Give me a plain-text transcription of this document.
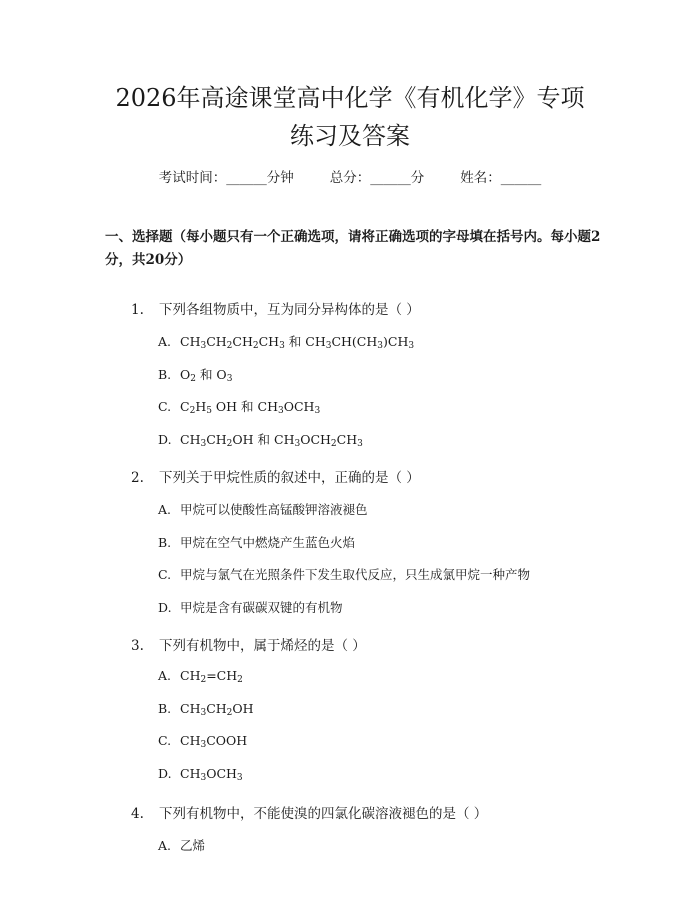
2026年高途课堂高中化学《有机化学》专项
练习及答案
考试时间：______分钟	总分：______分	姓名：______
一、选择题（每小题只有一个正确选项，请将正确选项的字母填在括号内。每小题2分，共20分）
1. 下列各组物质中，互为同分异构体的是（ ）
A. $CH_3CH_2CH_2CH_3$ 和 $CH_3CH(CH_3)CH_3$
B. $O_2$ 和 $O_3$
C. $C_2H_5$ OH 和 $CH_3OCH_3$
D. $CH_3CH_2OH$ 和 $CH_3OCH_2CH_3$
2. 下列关于甲烷性质的叙述中，正确的是（ ）
A. 甲烷可以使酸性高锰酸钾溶液褪色
B. 甲烷在空气中燃烧产生蓝色火焰
C. 甲烷与氯气在光照条件下发生取代反应，只生成氯甲烷一种产物
D. 甲烷是含有碳碳双键的有机物
3. 下列有机物中，属于烯烃的是（ ）
A. $CH_2=CH_2$
B. $CH_3CH_2OH$
C. $CH_3COOH$
D. $CH_3OCH_3$
4. 下列有机物中，不能使溴的四氯化碳溶液褪色的是（ ）
A. 乙烯
